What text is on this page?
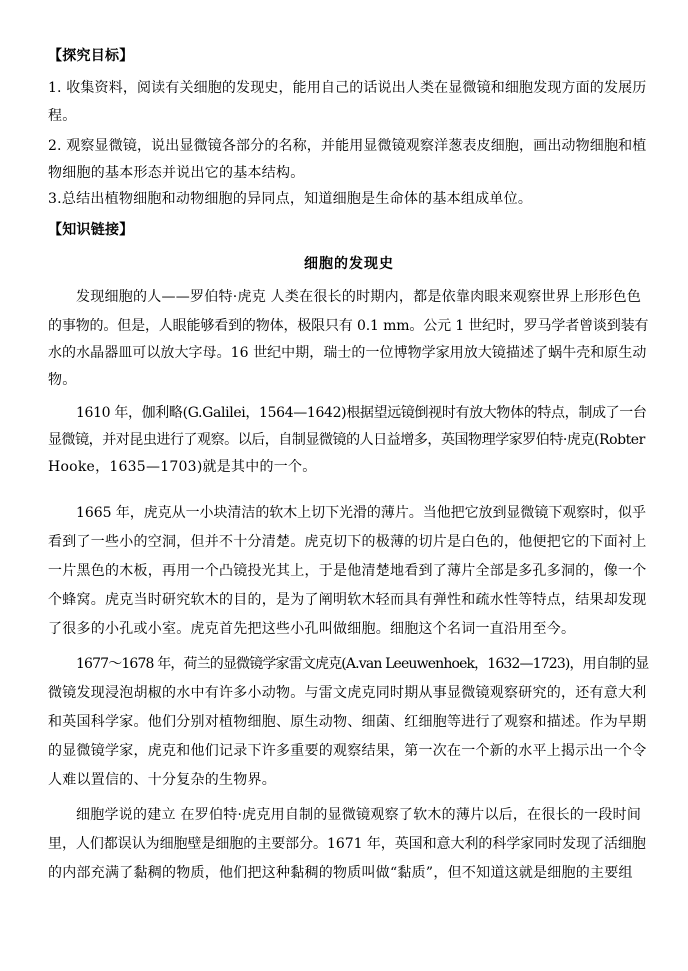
【探究目标】
1. 收集资料，阅读有关细胞的发现史，能用自己的话说出人类在显微镜和细胞发现方面的发展历
程。
2. 观察显微镜，说出显微镜各部分的名称，并能用显微镜观察洋葱表皮细胞，画出动物细胞和植
物细胞的基本形态并说出它的基本结构。
3.总结出植物细胞和动物细胞的异同点，知道细胞是生命体的基本组成单位。
【知识链接】
细胞的发现史
发现细胞的人——罗伯特·虎克 人类在很长的时期内，都是依靠肉眼来观察世界上形形色色
的事物的。但是，人眼能够看到的物体，极限只有 0.1 mm。公元 1 世纪时，罗马学者曾谈到装有
水的水晶器皿可以放大字母。16 世纪中期，瑞士的一位博物学家用放大镜描述了蜗牛壳和原生动
物。
1610 年，伽利略(G.Galilei，1564—1642)根据望远镜倒视时有放大物体的特点，制成了一台
显微镜，并对昆虫进行了观察。以后，自制显微镜的人日益增多，英国物理学家罗伯特·虎克(Robter
Hooke，1635—1703)就是其中的一个。
1665 年，虎克从一小块清洁的软木上切下光滑的薄片。当他把它放到显微镜下观察时，似乎
看到了一些小的空洞，但并不十分清楚。虎克切下的极薄的切片是白色的，他便把它的下面衬上
一片黑色的木板，再用一个凸镜投光其上，于是他清楚地看到了薄片全部是多孔多洞的，像一个
个蜂窝。虎克当时研究软木的目的，是为了阐明软木轻而具有弹性和疏水性等特点，结果却发现
了很多的小孔或小室。虎克首先把这些小孔叫做细胞。细胞这个名词一直沿用至今。
1677～1678 年，荷兰的显微镜学家雷文虎克(A.van Leeuwenhoek，1632—1723)，用自制的显
微镜发现浸泡胡椒的水中有许多小动物。与雷文虎克同时期从事显微镜观察研究的，还有意大利
和英国科学家。他们分别对植物细胞、原生动物、细菌、红细胞等进行了观察和描述。作为早期
的显微镜学家，虎克和他们记录下许多重要的观察结果，第一次在一个新的水平上揭示出一个令
人难以置信的、十分复杂的生物界。
细胞学说的建立 在罗伯特·虎克用自制的显微镜观察了软木的薄片以后，在很长的一段时间
里，人们都误认为细胞壁是细胞的主要部分。1671 年，英国和意大利的科学家同时发现了活细胞
的内部充满了黏稠的物质，他们把这种黏稠的物质叫做“黏质”，但不知道这就是细胞的主要组
